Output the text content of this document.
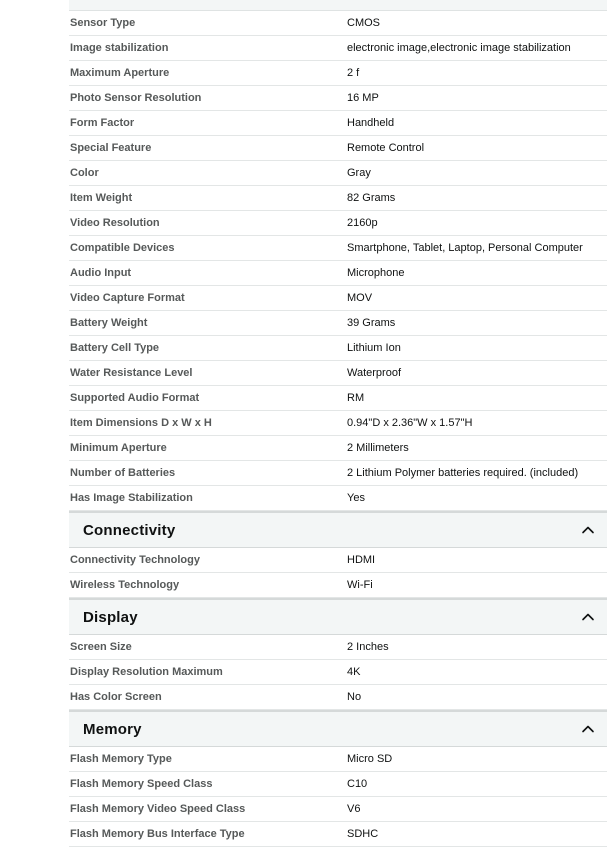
Sensor Type	CMOS
Image stabilization	electronic image,electronic image stabilization
Maximum Aperture	2 f
Photo Sensor Resolution	16 MP
Form Factor	Handheld
Special Feature	Remote Control
Color	Gray
Item Weight	82 Grams
Video Resolution	2160p
Compatible Devices	Smartphone, Tablet, Laptop, Personal Computer
Audio Input	Microphone
Video Capture Format	MOV
Battery Weight	39 Grams
Battery Cell Type	Lithium Ion
Water Resistance Level	Waterproof
Supported Audio Format	RM
Item Dimensions D x W x H	0.94"D x 2.36"W x 1.57"H
Minimum Aperture	2 Millimeters
Number of Batteries	2 Lithium Polymer batteries required. (included)
Has Image Stabilization	Yes
Connectivity
Connectivity Technology	HDMI
Wireless Technology	Wi-Fi
Display
Screen Size	2 Inches
Display Resolution Maximum	4K
Has Color Screen	No
Memory
Flash Memory Type	Micro SD
Flash Memory Speed Class	C10
Flash Memory Video Speed Class	V6
Flash Memory Bus Interface Type	SDHC
